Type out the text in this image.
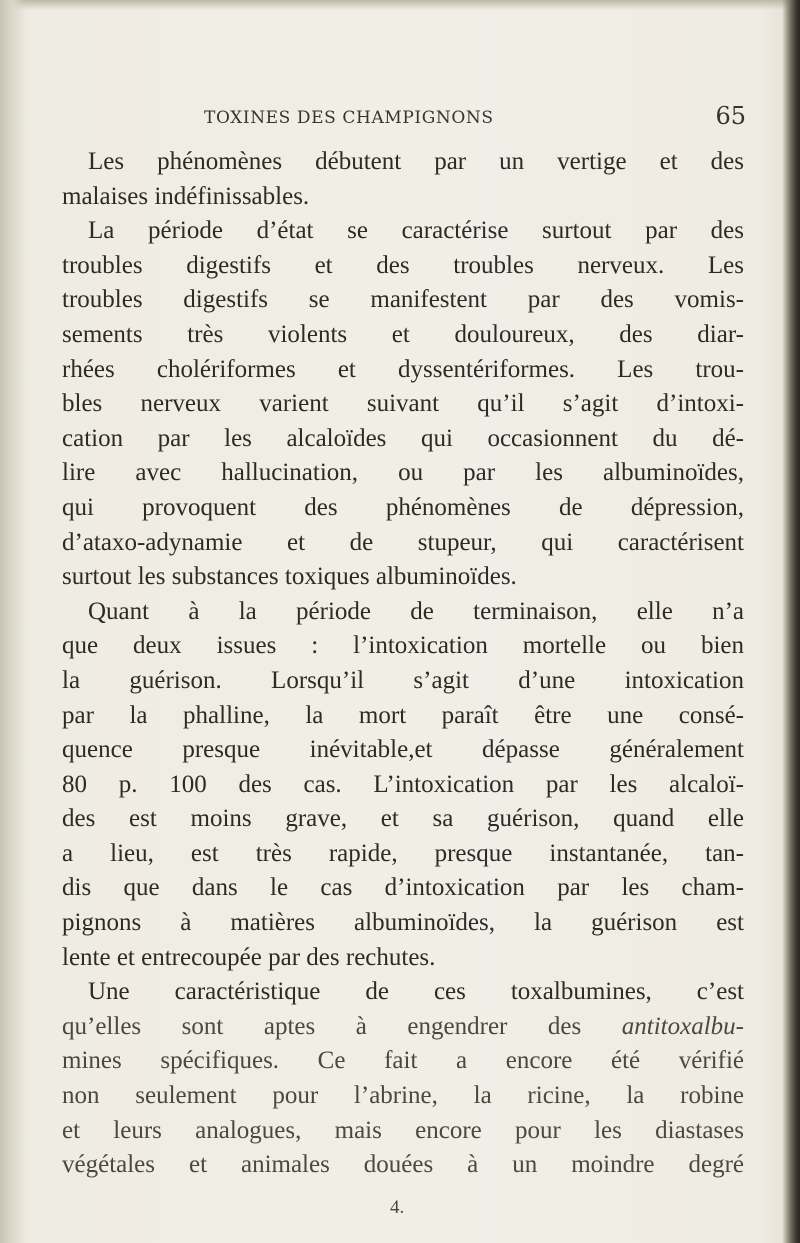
TOXINES DES CHAMPIGNONS	65
Les phénomènes débutent par un vertige et des
malaises indéfinissables.
La période d’état se caractérise surtout par des
troubles digestifs et des troubles nerveux. Les
troubles digestifs se manifestent par des vomis-
sements très violents et douloureux, des diar-
rhées cholériformes et dyssentériformes. Les trou-
bles nerveux varient suivant qu’il s’agit d’intoxi-
cation par les alcaloïdes qui occasionnent du dé-
lire avec hallucination, ou par les albuminoïdes,
qui provoquent des phénomènes de dépression,
d’ataxo-adynamie et de stupeur, qui caractérisent
surtout les substances toxiques albuminoïdes.
Quant à la période de terminaison, elle n’a
que deux issues : l’intoxication mortelle ou bien
la guérison. Lorsqu’il s’agit d’une intoxication
par la phalline, la mort paraît être une consé-
quence presque inévitable,et dépasse généralement
80 p. 100 des cas. L’intoxication par les alcaloï-
des est moins grave, et sa guérison, quand elle
a lieu, est très rapide, presque instantanée, tan-
dis que dans le cas d’intoxication par les cham-
pignons à matières albuminoïdes, la guérison est
lente et entrecoupée par des rechutes.
Une caractéristique de ces toxalbumines, c’est
qu’elles sont aptes à engendrer des antitoxalbu-
mines spécifiques. Ce fait a encore été vérifié
non seulement pour l’abrine, la ricine, la robine
et leurs analogues, mais encore pour les diastases
végétales et animales douées à un moindre degré
4.
